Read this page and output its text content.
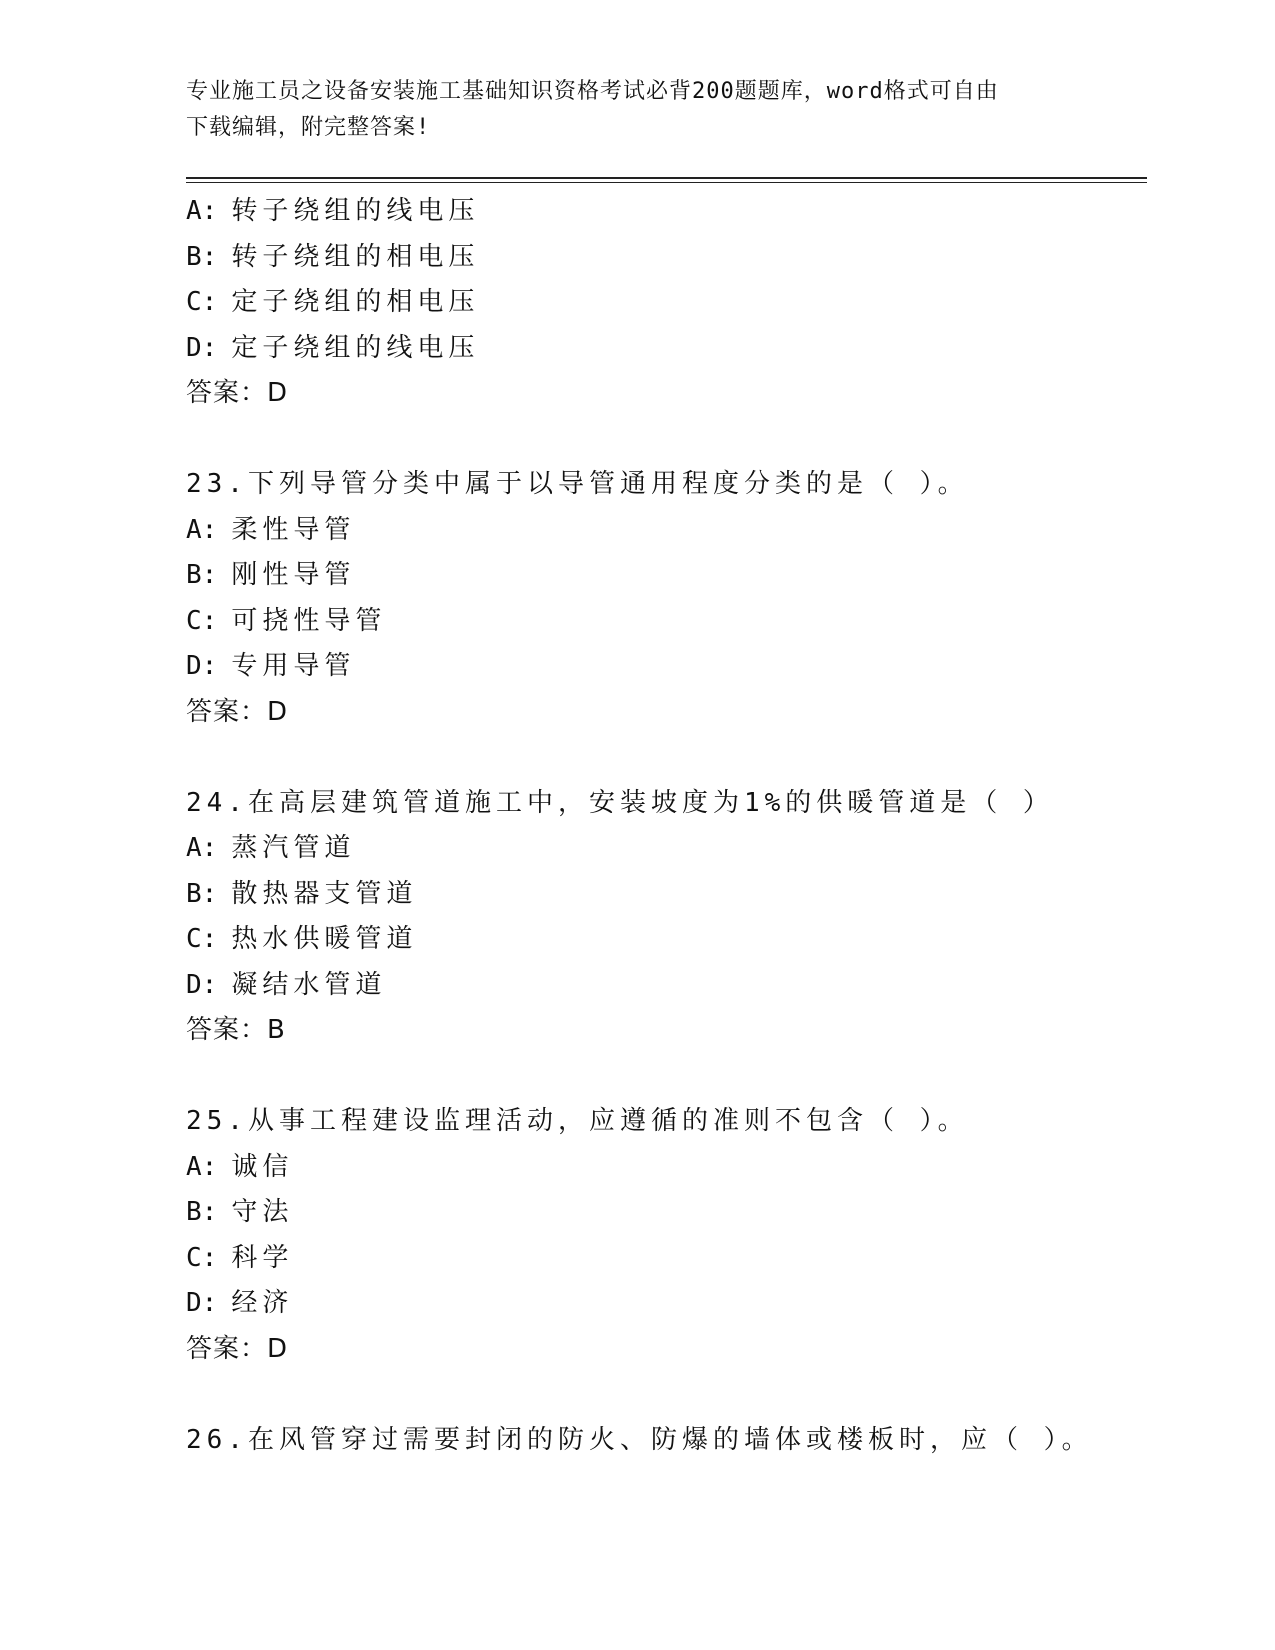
专业施工员之设备安装施工基础知识资格考试必背200题题库，word格式可自由
下载编辑，附完整答案!
A: 转子绕组的线电压
B: 转子绕组的相电压
C: 定子绕组的相电压
D: 定子绕组的线电压
答案：D
23.下列导管分类中属于以导管通用程度分类的是（ ）。
A: 柔性导管
B: 刚性导管
C: 可挠性导管
D: 专用导管
答案：D
24.在高层建筑管道施工中，安装坡度为1%的供暖管道是（ ）
A: 蒸汽管道
B: 散热器支管道
C: 热水供暖管道
D: 凝结水管道
答案：B
25.从事工程建设监理活动，应遵循的准则不包含（ ）。
A: 诚信
B: 守法
C: 科学
D: 经济
答案：D
26.在风管穿过需要封闭的防火、防爆的墙体或楼板时，应（ ）。
